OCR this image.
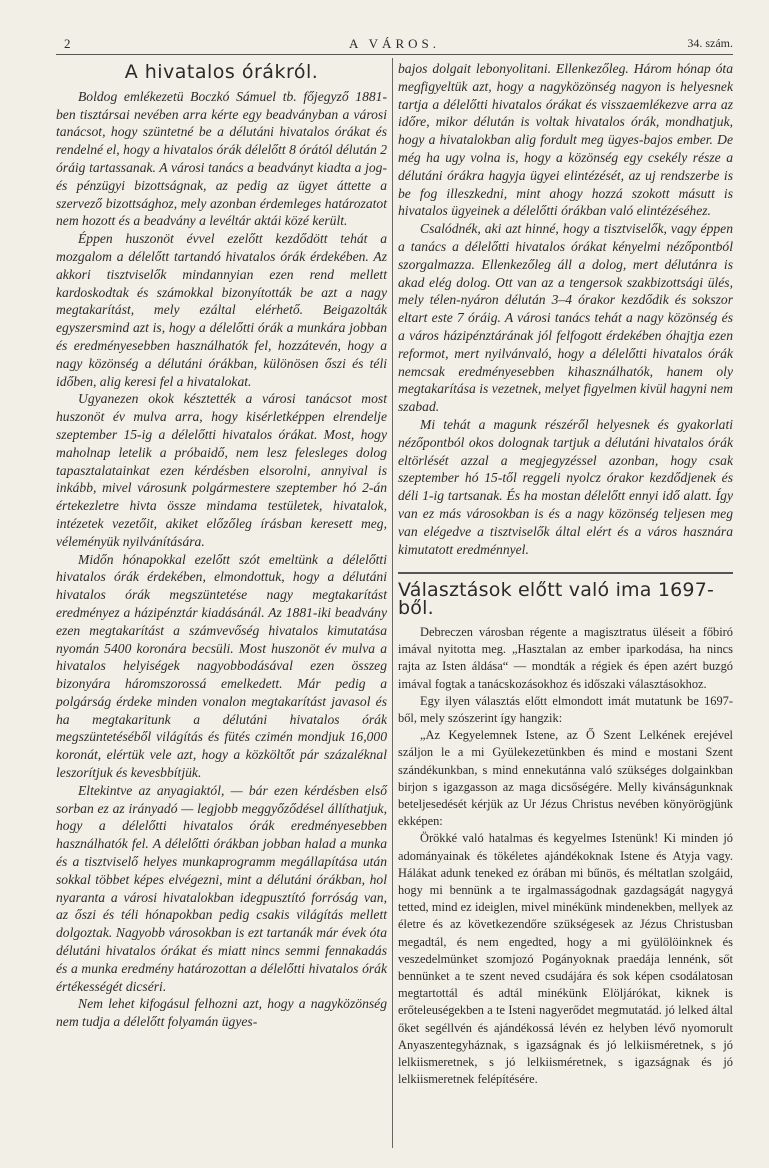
2	A VÁROS.	34. szám.
A hivatalos órákról.

Boldog emlékezetü Boczkó Sámuel tb. főjegyző 1881-ben tisztársai nevében arra kérte egy beadványban a városi tanácsot, hogy szüntetné be a délutáni hivatalos órákat és rendelné el, hogy a hivatalos órák délelőtt 8 órától délután 2 óráig tartassanak. A városi tanács a beadványt kiadta a jog- és pénzügyi bizottságnak, az pedig az ügyet áttette a szervező bizottsághoz, mely azonban érdemleges határozatot nem hozott és a beadvány a levéltár aktái közé került.

Éppen huszonöt évvel ezelőtt kezdődött tehát a mozgalom a délelőtt tartandó hivatalos órák érdekében. Az akkori tisztviselők mindannyian ezen rend mellett kardoskodtak és számokkal bizonyították be azt a nagy megtakarítást, mely ezáltal elérhető. Beigazolták egyszersmind azt is, hogy a délelőtti órák a munkára jobban és eredményesebben használhatók fel, hozzátevén, hogy a nagy közönség a délutáni órákban, különösen őszi és téli időben, alig keresi fel a hivatalokat.

Ugyanezen okok késztették a városi tanácsot most huszonöt év mulva arra, hogy kisérletképpen elrendelje szeptember 15-ig a délelőtti hivatalos órákat. Most, hogy maholnap letelik a próbaidő, nem lesz felesleges dolog tapasztalatainkat ezen kérdésben elsorolni, annyival is inkább, mivel városunk polgármestere szeptember hó 2-án értekezletre hivta össze mindama testületek, hivatalok, intézetek vezetőit, akiket előzőleg írásban keresett meg, véleményük nyilvánítására.

Midőn hónapokkal ezelőtt szót emeltünk a délelőtti hivatalos órák érdekében, elmondottuk, hogy a délutáni hivatalos órák megszüntetése nagy megtakarítást eredményez a házipénztár kiadásánál. Az 1881-iki beadvány ezen megtakarítást a számvevőség hivatalos kimutatása nyomán 5400 koronára becsüli. Most huszonöt év mulva a hivatalos helyiségek nagyobbodásával ezen összeg bizonyára háromszorossá emelkedett. Már pedig a polgárság érdeke minden vonalon megtakarítást javasol és ha megtakaritunk a délutáni hivatalos órák megszüntetéséből világítás és fütés czimén mondjuk 16,000 koronát, elértük vele azt, hogy a közköltőt pár százaléknal leszorítjuk és kevesbbítjük.

Eltekintve az anyagiaktól, — bár ezen kérdésben első sorban ez az irányadó — legjobb meggyőződésel állíthatjuk, hogy a délelőtti hivatalos órák eredményesebben használhatók fel. A délelőtti órákban jobban halad a munka és a tisztviselő helyes munkaprogramm megállapítása után sokkal többet képes elvégezni, mint a délutáni órákban, hol nyaranta a városi hivatalokban idegpusztító forróság van, az őszi és téli hónapokban pedig csakis világítás mellett dolgoztak. Nagyobb városokban is ezt tartanák már évek óta délutáni hivatalos órákat és miatt nincs semmi fennakadás és a munka eredmény határozottan a délelőtti hivatalos órák értékességét dicséri.

Nem lehet kifogásul felhozni azt, hogy a nagyközönség nem tudja a délelőtt folyamán ügyes-

bajos dolgait lebonyolitani. Ellenkezőleg. Három hónap óta megfigyeltük azt, hogy a nagyközönség nagyon is helyesnek tartja a délelőtti hivatalos órákat és visszaemlékezve arra az időre, mikor délután is voltak hivatalos órák, mondhatjuk, hogy a hivatalokban alig fordult meg ügyes-bajos ember. De még ha ugy volna is, hogy a közönség egy csekély része a délutáni órákra hagyja ügyei elintézését, az uj rendszerbe is be fog illeszkedni, mint ahogy hozzá szokott másutt is hivatalos ügyeinek a délelőtti órákban való elintézéséhez.

Csalódnék, aki azt hinné, hogy a tisztviselők, vagy éppen a tanács a délelőtti hivatalos órákat kényelmi nézőpontból szorgalmazza. Ellenkezőleg áll a dolog, mert délutánra is akad elég dolog. Ott van az a tengersok szakbizottsági ülés, mely télen-nyáron délután 3–4 órakor kezdődik és sokszor eltart este 7 óráig. A városi tanács tehát a nagy közönség és a város házipénztárának jól felfogott érdekében óhajtja ezen reformot, mert nyilvánvaló, hogy a délelőtti hivatalos órák nemcsak eredményesebben kihasználhatók, hanem oly megtakarítása is vezetnek, melyet figyelmen kivül hagyni nem szabad.

Mi tehát a magunk részéről helyesnek és gyakorlati nézőpontból okos dolognak tartjuk a délutáni hivatalos órák eltörlését azzal a megjegyzéssel azonban, hogy csak szeptember hó 15-től reggeli nyolcz órakor kezdődjenek és déli 1-ig tartsanak. És ha mostan délelőtt ennyi idő alatt. Így van ez más városokban is és a nagy közönség teljesen meg van elégedve a tisztviselők által elért és a város hasznára kimutatott eredménnyel.

Választások előtt való ima 1697-ből.

Debreczen városban régente a magisztratus üléseit a főbiró imával nyitotta meg. „Hasztalan az ember iparkodása, ha nincs rajta az Isten áldása“ — mondták a régiek és épen azért buzgó imával fogtak a tanácskozásokhoz és időszaki választásokhoz.

Egy ilyen választás előtt elmondott imát mutatunk be 1697-ből, mely szószerint így hangzik:

„Az Kegyelemnek Istene, az Ő Szent Lelkének erejével száljon le a mi Gyülekezetünkben és mind e mostani Szent szándékunkban, s mind ennekutánna való szükséges dolgainkban birjon s igazgasson az maga dicsőségére. Melly kivánságunknak beteljesedését kérjük az Ur Jézus Christus nevében könyörögjünk ekképen:

Örökké való hatalmas és kegyelmes Istenünk! Ki minden jó adományainak és tökéletes ajándékoknak Istene és Atyja vagy. Hálákat adunk teneked ez órában mi bűnös, és méltatlan szolgáid, hogy mi bennünk a te irgalmasságodnak gazdagságát nagygyá tetted, mind ez ideiglen, mivel minékünk mindenekben, mellyek az életre és az következendőre szükségesek az Jézus Christusban megadtál, és nem engedted, hogy a mi gyülölöinknek és veszedelmünket szomjozó Pogányoknak praedája lennénk, sőt bennünket a te szent neved csudájára és sok képen csodálatosan megtartottál és adtál minékünk Elöljárókat, kiknek is erőteleuségekben a te Isteni nagyerődet megmutatád. jó lelked által őket segéllvén és ajándékossá lévén ez helyben lévő nyomorult Anyaszentegyháznak, s igazságnak és jó lelkiisméretnek, s jó lelkiismeretnek, s jó lelkiisméretnek, s igazságnak és jó lelkiismeretnek felépítésére.
